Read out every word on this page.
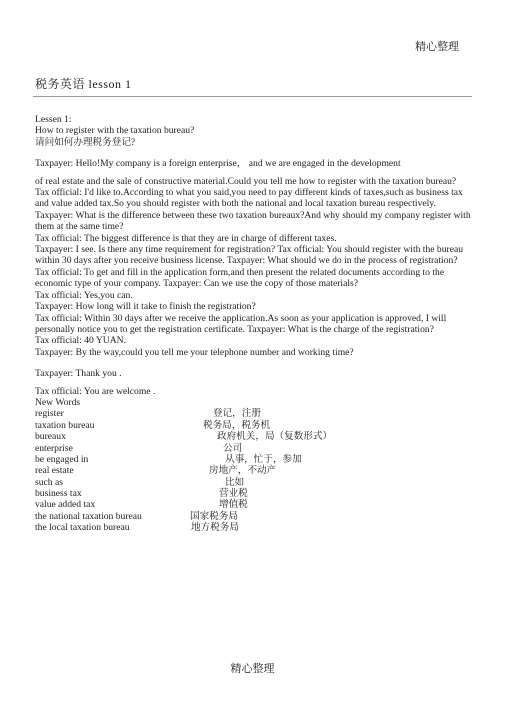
精心整理
税务英语 lesson 1

Lessen 1:

How to register with the taxation bureau?

请问如何办理税务登记?

Taxpayer: Hello!My company is a foreign enterprise， and we are engaged in the development

of real estate and the sale of constructive material.Could you tell me how to register with the taxation bureau?

Tax official: I'd like to.According to what you said,you need to pay different kinds of taxes,such as business tax and value added tax.So you should register with both the national and local taxation bureau respectively.

Taxpayer: What is the difference between these two taxation bureaux?And why should my company register with them at the same time?

Tax official: The biggest difference is that they are in charge of different taxes.

Taxpayer: I see. Is there any time requirement for registration? Tax official: You should register with the bureau within 30 days after you receive business license. Taxpayer: What should we do in the process of registration?

Tax official: To get and fill in the application form,and then present the related documents according to the economic type of your company. Taxpayer: Can we use the copy of those materials?

Tax official: Yes,you can.

Taxpayer: How long will it take to finish the registration?

Tax official: Within 30 days after we receive the application.As soon as your application is approved, I will personally notice you to get the registration certificate. Taxpayer: What is the charge of the registration?

Tax official: 40 YUAN.

Taxpayer: By the way,could you tell me your telephone number and working time?

Taxpayer: Thank you .

Tax official: You are welcome .

New Words

register	登记，注册
taxation bureau	税务局，税务机
bureaux	政府机关，局（复数形式）
enterprise	公司
be engaged in	从事，忙于，参加
real estate	房地产，不动产
such as	比如
business tax	营业税
value added tax	增值税
the national taxation bureau	国家税务局
the local taxation bureau	地方税务局
精心整理
